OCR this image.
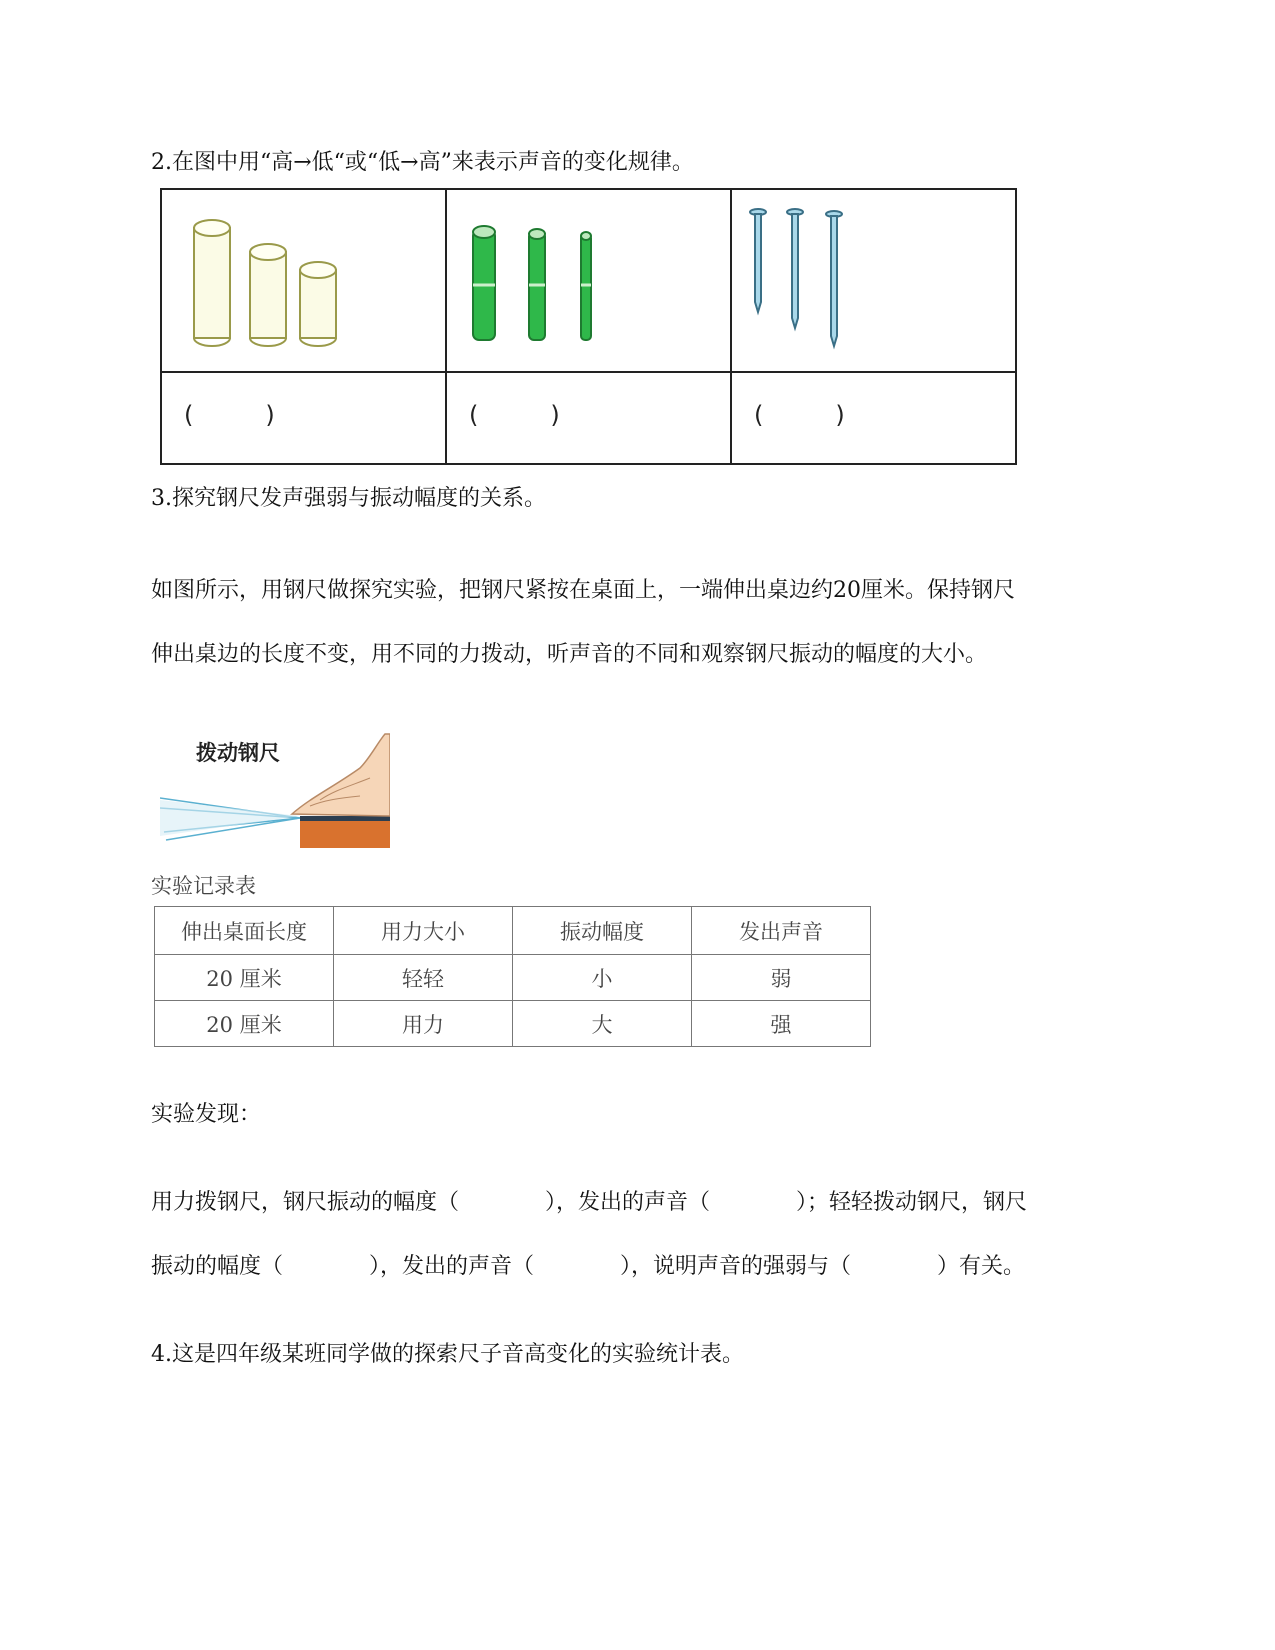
2.在图中用“高→低“或“低→高”来表示声音的变化规律。

( )	( )	( )
3.探究钢尺发声强弱与振动幅度的关系。
如图所示，用钢尺做探究实验，把钢尺紧按在桌面上，一端伸出桌边约20厘米。保持钢尺
伸出桌边的长度不变，用不同的力拨动，听声音的不同和观察钢尺振动的幅度的大小。
拨动钢尺
实验记录表
伸出桌面长度	用力大小	振动幅度	发出声音
20 厘米	轻轻	小	弱
20 厘米	用力	大	强
实验发现：
用力拨钢尺，钢尺振动的幅度（	），发出的声音（	）；轻轻拨动钢尺，钢尺
振动的幅度（	），发出的声音（	），说明声音的强弱与（	）有关。
4.这是四年级某班同学做的探索尺子音高变化的实验统计表。
